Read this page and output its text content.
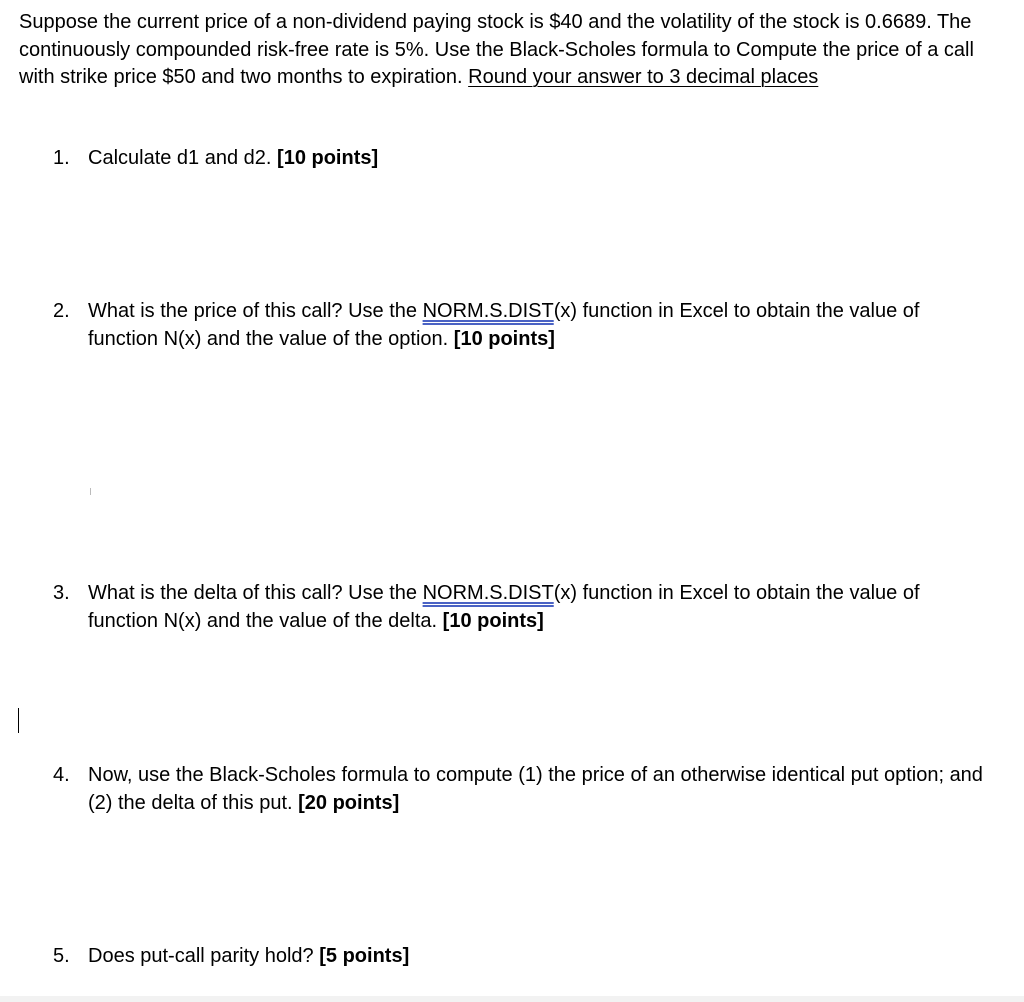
Suppose the current price of a non-dividend paying stock is $40 and the volatility of the stock is 0.6689. The continuously compounded risk-free rate is 5%. Use the Black-Scholes formula to Compute the price of a call with strike price $50 and two months to expiration. Round your answer to 3 decimal places
1. Calculate d1 and d2. [10 points]
2. What is the price of this call? Use the NORM.S.DIST(x) function in Excel to obtain the value of function N(x) and the value of the option. [10 points]
3. What is the delta of this call? Use the NORM.S.DIST(x) function in Excel to obtain the value of function N(x) and the value of the delta. [10 points]
4. Now, use the Black-Scholes formula to compute (1) the price of an otherwise identical put option; and (2) the delta of this put. [20 points]
5. Does put-call parity hold? [5 points]
